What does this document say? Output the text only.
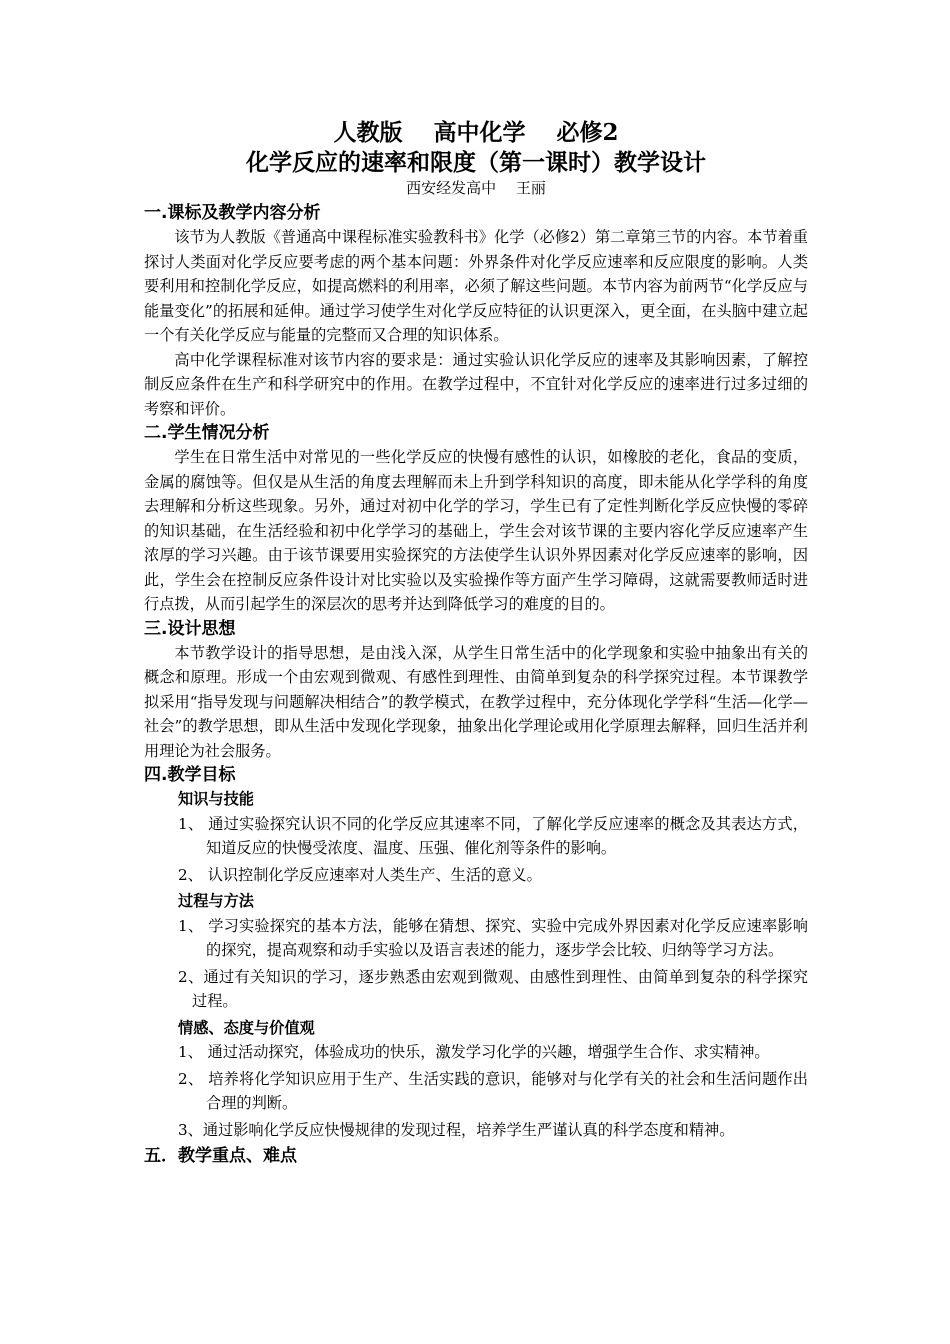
人教版　 高中化学　 必修2
化学反应的速率和限度（第一课时）教学设计
西安经发高中　 王丽
一.课标及教学内容分析

该节为人教版《普通高中课程标准实验教科书》化学（必修2）第二章第三节的内容。本节着重探讨人类面对化学反应要考虑的两个基本问题：外界条件对化学反应速率和反应限度的影响。人类要利用和控制化学反应，如提高燃料的利用率，必须了解这些问题。本节内容为前两节“化学反应与能量变化”的拓展和延伸。通过学习使学生对化学反应特征的认识更深入，更全面，在头脑中建立起一个有关化学反应与能量的完整而又合理的知识体系。

高中化学课程标准对该节内容的要求是：通过实验认识化学反应的速率及其影响因素，了解控制反应条件在生产和科学研究中的作用。在教学过程中，不宜针对化学反应的速率进行过多过细的考察和评价。

二.学生情况分析

学生在日常生活中对常见的一些化学反应的快慢有感性的认识，如橡胶的老化，食品的变质，金属的腐蚀等。但仅是从生活的角度去理解而未上升到学科知识的高度，即未能从化学学科的角度去理解和分析这些现象。另外，通过对初中化学的学习，学生已有了定性判断化学反应快慢的零碎的知识基础，在生活经验和初中化学学习的基础上，学生会对该节课的主要内容化学反应速率产生浓厚的学习兴趣。由于该节课要用实验探究的方法使学生认识外界因素对化学反应速率的影响，因此，学生会在控制反应条件设计对比实验以及实验操作等方面产生学习障碍，这就需要教师适时进行点拨，从而引起学生的深层次的思考并达到降低学习的难度的目的。

三.设计思想

本节教学设计的指导思想，是由浅入深，从学生日常生活中的化学现象和实验中抽象出有关的概念和原理。形成一个由宏观到微观、有感性到理性、由简单到复杂的科学探究过程。本节课教学拟采用“指导发现与问题解决相结合”的教学模式，在教学过程中，充分体现化学学科“生活—化学—社会”的教学思想，即从生活中发现化学现象，抽象出化学理论或用化学原理去解释，回归生活并利用理论为社会服务。

四.教学目标
知识与技能
1、 通过实验探究认识不同的化学反应其速率不同，了解化学反应速率的概念及其表达方式，知道反应的快慢受浓度、温度、压强、催化剂等条件的影响。
2、 认识控制化学反应速率对人类生产、生活的意义。
过程与方法
1、 学习实验探究的基本方法，能够在猜想、探究、实验中完成外界因素对化学反应速率影响的探究，提高观察和动手实验以及语言表述的能力，逐步学会比较、归纳等学习方法。
2、通过有关知识的学习，逐步熟悉由宏观到微观、由感性到理性、由简单到复杂的科学探究过程。
情感、态度与价值观
1、 通过活动探究，体验成功的快乐，激发学习化学的兴趣，增强学生合作、求实精神。
2、 培养将化学知识应用于生产、生活实践的意识，能够对与化学有关的社会和生活问题作出合理的判断。
3、通过影响化学反应快慢规律的发现过程，培养学生严谨认真的科学态度和精神。
五．教学重点、难点
